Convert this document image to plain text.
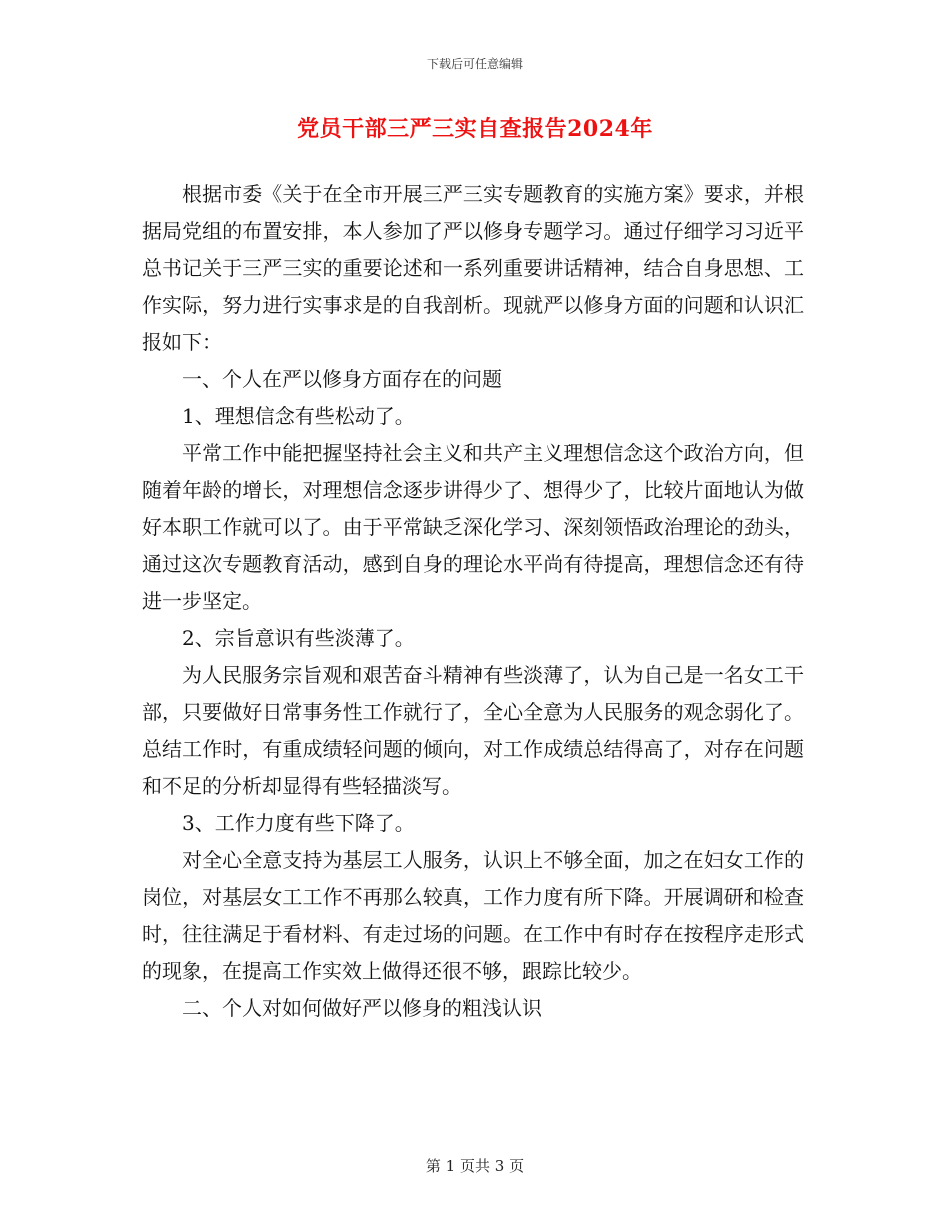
下载后可任意编辑
党员干部三严三实自查报告2024年

根据市委《关于在全市开展三严三实专题教育的实施方案》要求，并根据局党组的布置安排，本人参加了严以修身专题学习。通过仔细学习习近平总书记关于三严三实的重要论述和一系列重要讲话精神，结合自身思想、工作实际，努力进行实事求是的自我剖析。现就严以修身方面的问题和认识汇报如下：

一、个人在严以修身方面存在的问题

1、理想信念有些松动了。

平常工作中能把握坚持社会主义和共产主义理想信念这个政治方向，但随着年龄的增长，对理想信念逐步讲得少了、想得少了，比较片面地认为做好本职工作就可以了。由于平常缺乏深化学习、深刻领悟政治理论的劲头，通过这次专题教育活动，感到自身的理论水平尚有待提高，理想信念还有待进一步坚定。

2、宗旨意识有些淡薄了。

为人民服务宗旨观和艰苦奋斗精神有些淡薄了，认为自己是一名女工干部，只要做好日常事务性工作就行了，全心全意为人民服务的观念弱化了。总结工作时，有重成绩轻问题的倾向，对工作成绩总结得高了，对存在问题和不足的分析却显得有些轻描淡写。

3、工作力度有些下降了。

对全心全意支持为基层工人服务，认识上不够全面，加之在妇女工作的岗位，对基层女工工作不再那么较真，工作力度有所下降。开展调研和检查时，往往满足于看材料、有走过场的问题。在工作中有时存在按程序走形式的现象，在提高工作实效上做得还很不够，跟踪比较少。

二、个人对如何做好严以修身的粗浅认识

第 1 页共 3 页
